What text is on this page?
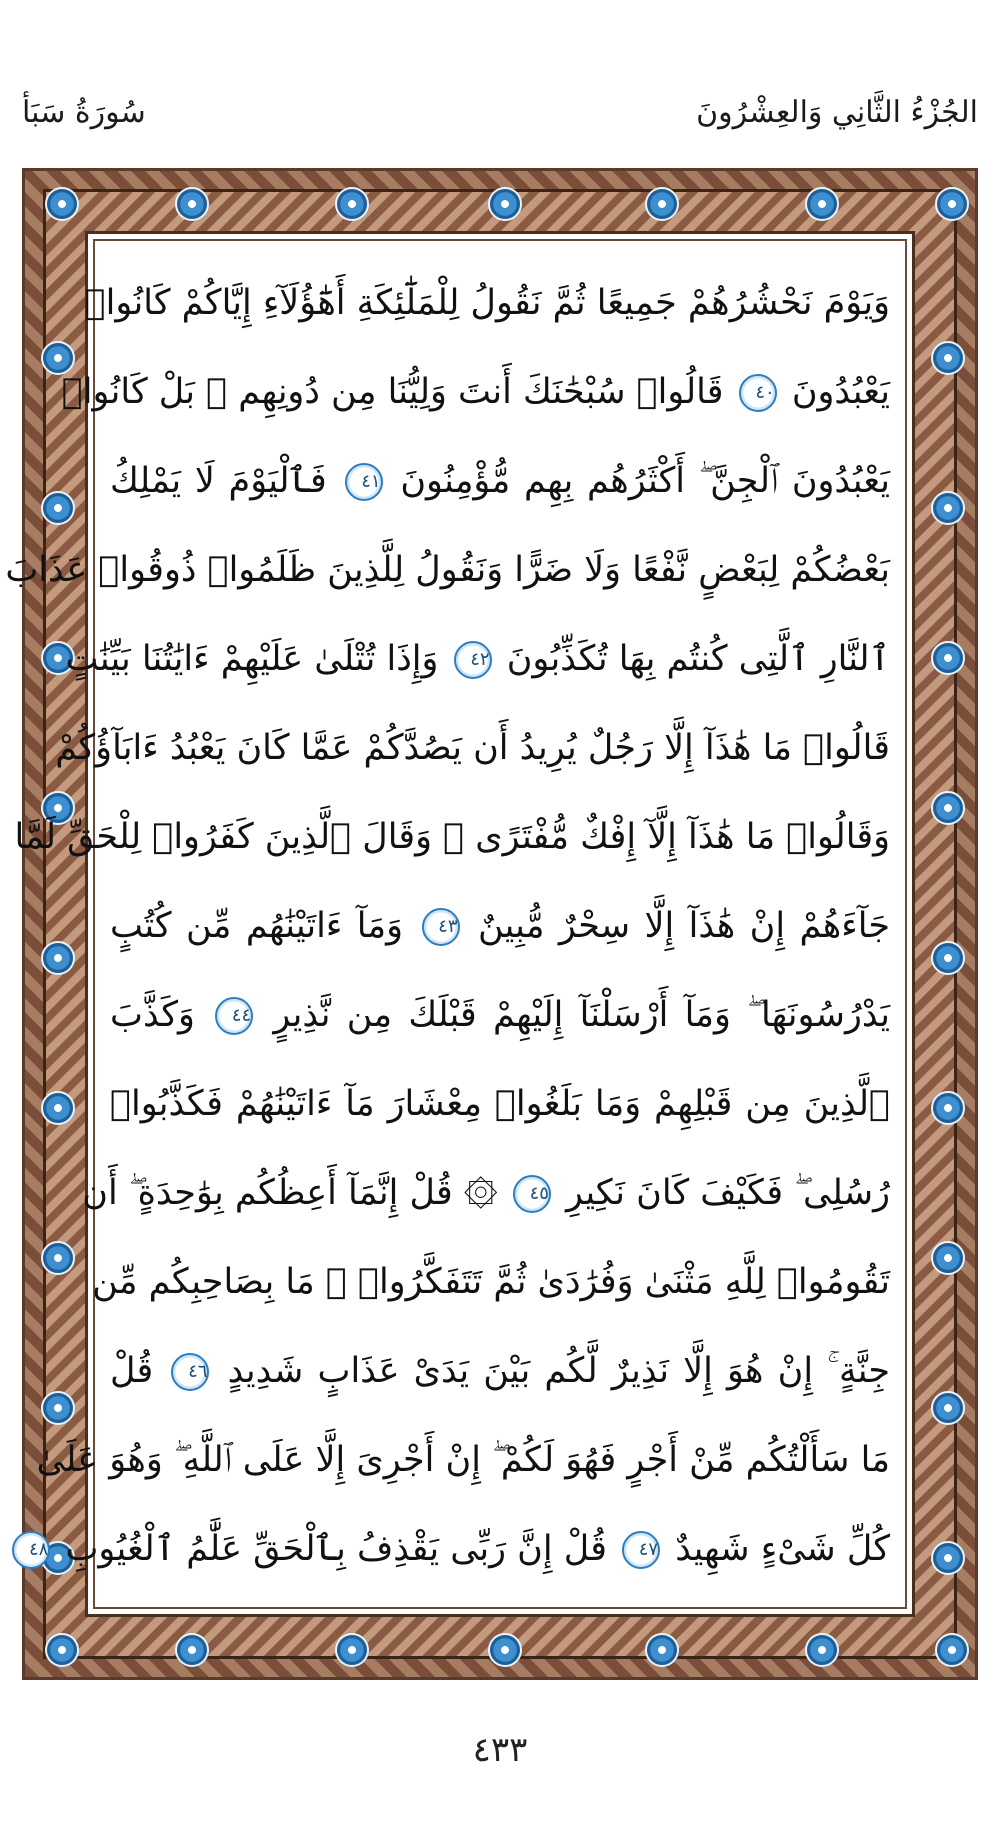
الجُزْءُ الثَّانِي وَالعِشْرُونَ
سُورَةُ سَبَأ
وَيَوْمَ نَحْشُرُهُمْ جَمِيعًا ثُمَّ نَقُولُ لِلْمَلَٰٓئِكَةِ أَهَٰٓؤُلَآءِ إِيَّاكُمْ كَانُوا۟
يَعْبُدُونَ ٤٠ قَالُوا۟ سُبْحَٰنَكَ أَنتَ وَلِيُّنَا مِن دُونِهِم ۖ بَلْ كَانُوا۟
يَعْبُدُونَ ٱلْجِنَّ ۖ أَكْثَرُهُم بِهِم مُّؤْمِنُونَ ٤١ فَٱلْيَوْمَ لَا يَمْلِكُ
بَعْضُكُمْ لِبَعْضٍ نَّفْعًا وَلَا ضَرًّا وَنَقُولُ لِلَّذِينَ ظَلَمُوا۟ ذُوقُوا۟ عَذَابَ
ٱلنَّارِ ٱلَّتِى كُنتُم بِهَا تُكَذِّبُونَ ٤٢ وَإِذَا تُتْلَىٰ عَلَيْهِمْ ءَايَٰتُنَا بَيِّنَٰتٍ
قَالُوا۟ مَا هَٰذَآ إِلَّا رَجُلٌ يُرِيدُ أَن يَصُدَّكُمْ عَمَّا كَانَ يَعْبُدُ ءَابَآؤُكُمْ
وَقَالُوا۟ مَا هَٰذَآ إِلَّآ إِفْكٌ مُّفْتَرًى ۚ وَقَالَ ٱلَّذِينَ كَفَرُوا۟ لِلْحَقِّ لَمَّا
جَآءَهُمْ إِنْ هَٰذَآ إِلَّا سِحْرٌ مُّبِينٌ ٤٣ وَمَآ ءَاتَيْنَٰهُم مِّن كُتُبٍ
يَدْرُسُونَهَا ۖ وَمَآ أَرْسَلْنَآ إِلَيْهِمْ قَبْلَكَ مِن نَّذِيرٍ ٤٤ وَكَذَّبَ
ٱلَّذِينَ مِن قَبْلِهِمْ وَمَا بَلَغُوا۟ مِعْشَارَ مَآ ءَاتَيْنَٰهُمْ فَكَذَّبُوا۟
رُسُلِى ۖ فَكَيْفَ كَانَ نَكِيرِ ٤٥ ۞ قُلْ إِنَّمَآ أَعِظُكُم بِوَٰحِدَةٍ ۖ أَن
تَقُومُوا۟ لِلَّهِ مَثْنَىٰ وَفُرَٰدَىٰ ثُمَّ تَتَفَكَّرُوا۟ ۚ مَا بِصَاحِبِكُم مِّن
جِنَّةٍ ۚ إِنْ هُوَ إِلَّا نَذِيرٌ لَّكُم بَيْنَ يَدَىْ عَذَابٍ شَدِيدٍ ٤٦ قُلْ
مَا سَأَلْتُكُم مِّنْ أَجْرٍ فَهُوَ لَكُمْ ۖ إِنْ أَجْرِىَ إِلَّا عَلَى ٱللَّهِ ۖ وَهُوَ عَلَىٰ
كُلِّ شَىْءٍ شَهِيدٌ ٤٧ قُلْ إِنَّ رَبِّى يَقْذِفُ بِٱلْحَقِّ عَلَّٰمُ ٱلْغُيُوبِ ٤٨
٤٣٣
